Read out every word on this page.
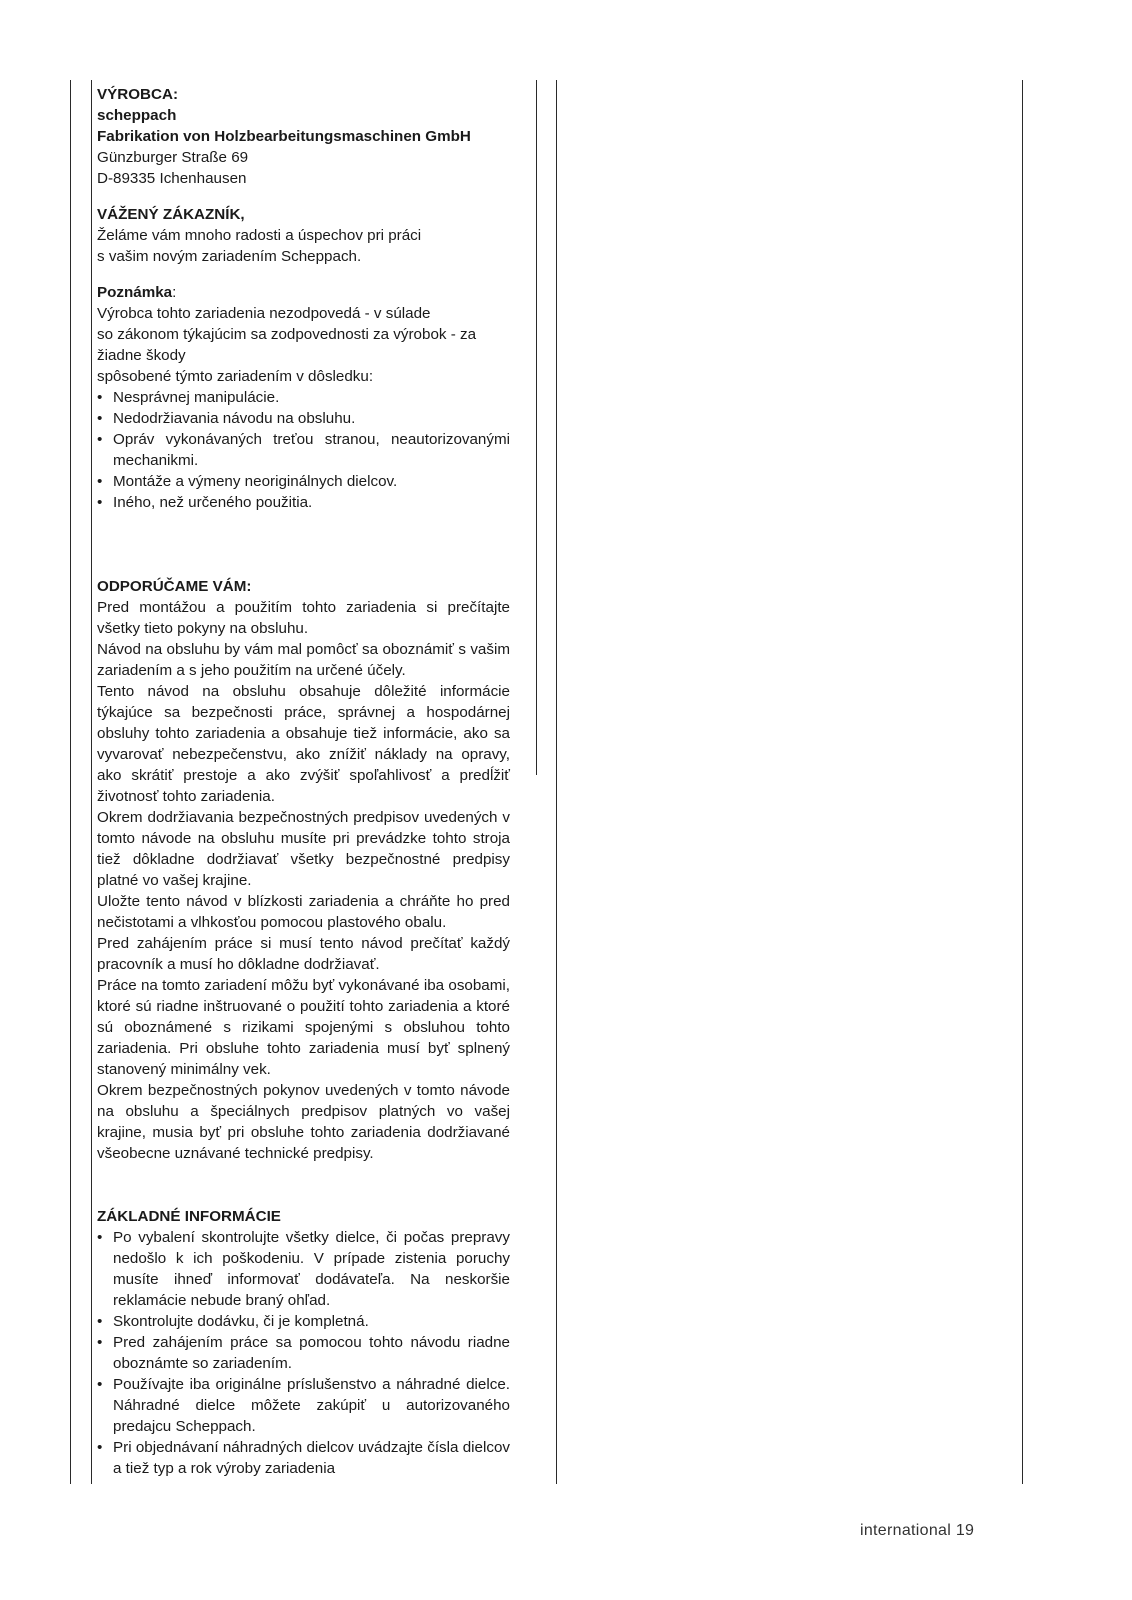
VÝROBCA:

scheppach

Fabrikation von Holzbearbeitungsmaschinen GmbH

Günzburger Straße 69

D-89335 Ichenhausen

VÁŽENÝ ZÁKAZNÍK,

Želáme vám mnoho radosti a úspechov pri práci

s vašim novým zariadením Scheppach.

Poznámka:

Výrobca tohto zariadenia nezodpovedá - v súlade

so zákonom týkajúcim sa zodpovednosti za výrobok - za žiadne škody

spôsobené týmto zariadením v dôsledku:

• Nesprávnej manipulácie.
• Nedodržiavania návodu na obsluhu.
• Opráv vykonávaných treťou stranou, neautorizovanými mechanikmi.
• Montáže a výmeny neoriginálnych dielcov.
• Iného, než určeného použitia.

ODPORÚČAME VÁM:

Pred montážou a použitím tohto zariadenia si prečítajte všetky tieto pokyny na obsluhu.

Návod na obsluhu by vám mal pomôcť sa oboznámiť s vašim zariadením a s jeho použitím na určené účely.

Tento návod na obsluhu obsahuje dôležité informácie týkajúce sa bezpečnosti práce, správnej a hospodárnej obsluhy tohto zariadenia a obsahuje tiež informácie, ako sa vyvarovať nebezpečenstvu, ako znížiť náklady na opravy, ako skrátiť prestoje a ako zvýšiť spoľahlivosť a predĺžiť životnosť tohto zariadenia.

Okrem dodržiavania bezpečnostných predpisov uvedených v tomto návode na obsluhu musíte pri prevádzke tohto stroja tiež dôkladne dodržiavať všetky bezpečnostné predpisy platné vo vašej krajine.

Uložte tento návod v blízkosti zariadenia a chráňte ho pred nečistotami a vlhkosťou pomocou plastového obalu.

Pred zahájením práce si musí tento návod prečítať každý pracovník a musí ho dôkladne dodržiavať.

Práce na tomto zariadení môžu byť vykonávané iba osobami, ktoré sú riadne inštruované o použití tohto zariadenia a ktoré sú oboznámené s rizikami spojenými s obsluhou tohto zariadenia. Pri obsluhe tohto zariadenia musí byť splnený stanovený minimálny vek.

Okrem bezpečnostných pokynov uvedených v tomto návode na obsluhu a špeciálnych predpisov platných vo vašej krajine, musia byť pri obsluhe tohto zariadenia dodržiavané všeobecne uznávané technické predpisy.

ZÁKLADNÉ INFORMÁCIE

• Po vybalení skontrolujte všetky dielce, či počas prepravy nedošlo k ich poškodeniu. V prípade zistenia poruchy musíte ihneď informovať dodávateľa. Na neskoršie reklamácie nebude braný ohľad.
• Skontrolujte dodávku, či je kompletná.
• Pred zahájením práce sa pomocou tohto návodu riadne oboznámte so zariadením.
• Používajte iba originálne príslušenstvo a náhradné dielce. Náhradné dielce môžete zakúpiť u autorizovaného predajcu Scheppach.
• Pri objednávaní náhradných dielcov uvádzajte čísla dielcov a tiež typ a rok výroby zariadenia
international 19
